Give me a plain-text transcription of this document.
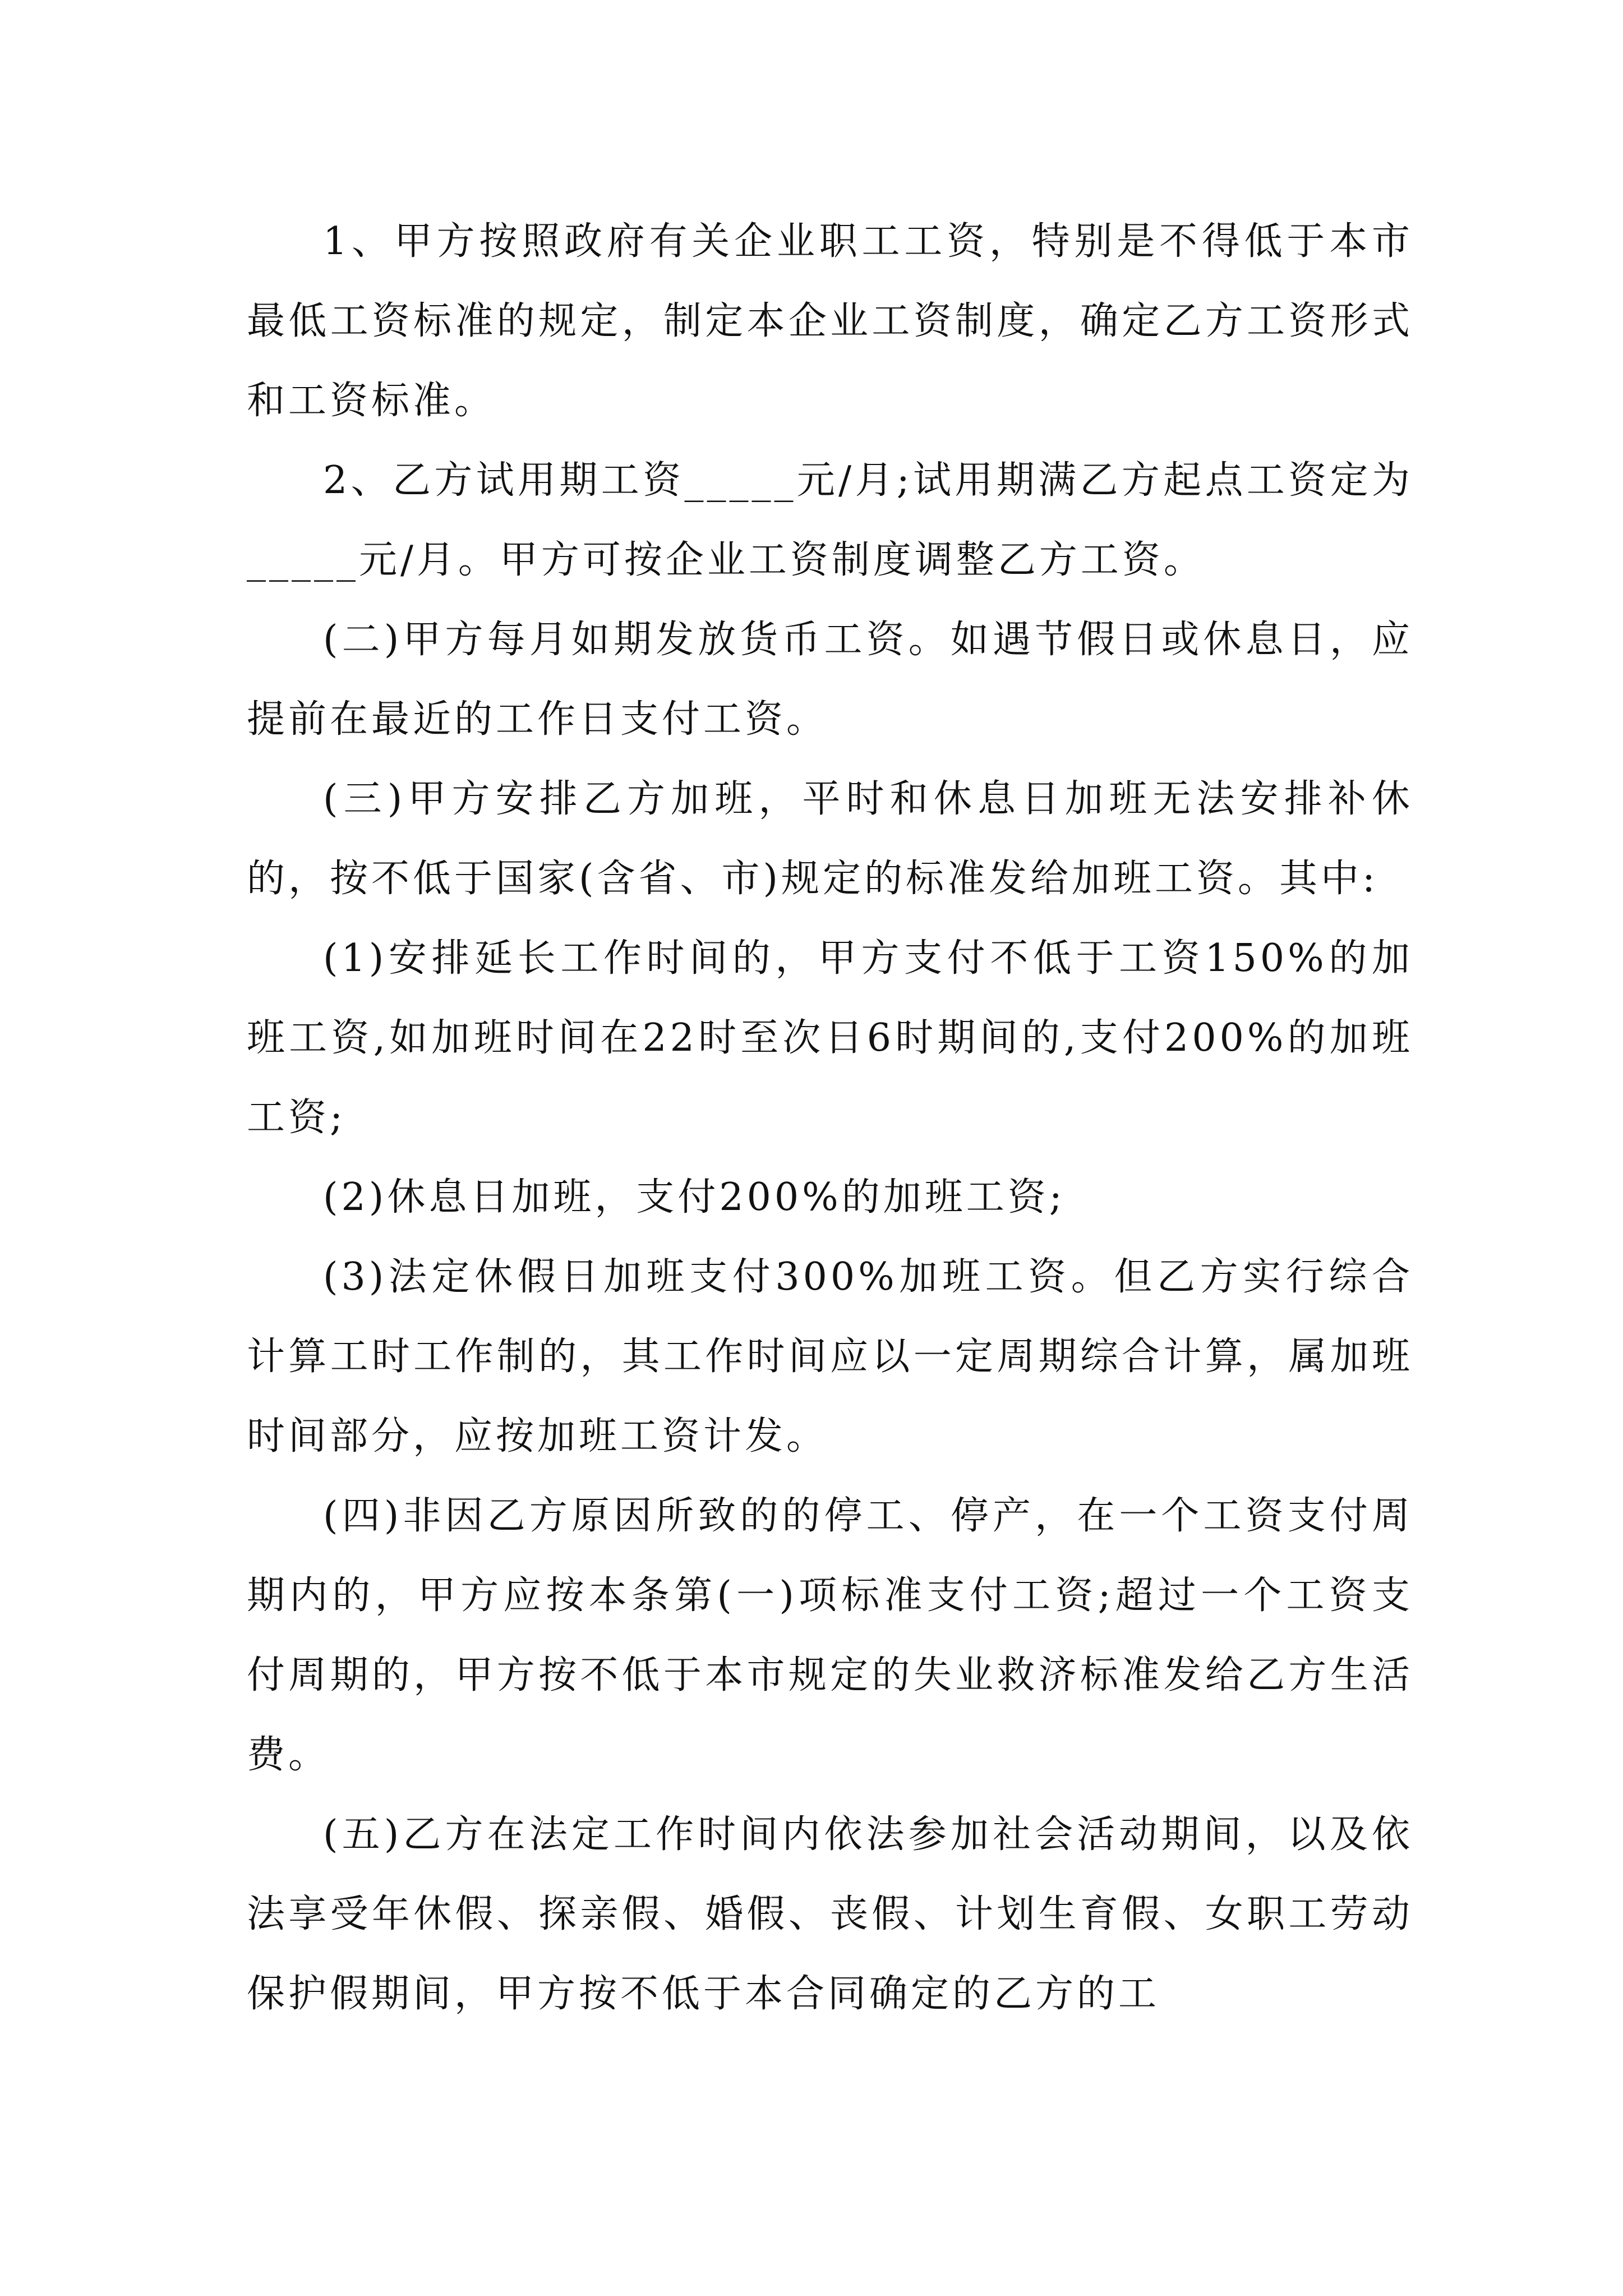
1、甲方按照政府有关企业职工工资，特别是不得低于本市最低工资标准的规定，制定本企业工资制度，确定乙方工资形式和工资标准。

2、乙方试用期工资_____元/月;试用期满乙方起点工资定为_____元/月。甲方可按企业工资制度调整乙方工资。

(二)甲方每月如期发放货币工资。如遇节假日或休息日，应提前在最近的工作日支付工资。

(三)甲方安排乙方加班，平时和休息日加班无法安排补休的，按不低于国家(含省、市)规定的标准发给加班工资。其中:

(1)安排延长工作时间的，甲方支付不低于工资150%的加班工资,如加班时间在22时至次日6时期间的,支付200%的加班工资;

(2)休息日加班，支付200%的加班工资;

(3)法定休假日加班支付300%加班工资。但乙方实行综合计算工时工作制的，其工作时间应以一定周期综合计算，属加班时间部分，应按加班工资计发。

(四)非因乙方原因所致的的停工、停产，在一个工资支付周期内的，甲方应按本条第(一)项标准支付工资;超过一个工资支付周期的，甲方按不低于本市规定的失业救济标准发给乙方生活费。

(五)乙方在法定工作时间内依法参加社会活动期间，以及依法享受年休假、探亲假、婚假、丧假、计划生育假、女职工劳动保护假期间，甲方按不低于本合同确定的乙方的工
